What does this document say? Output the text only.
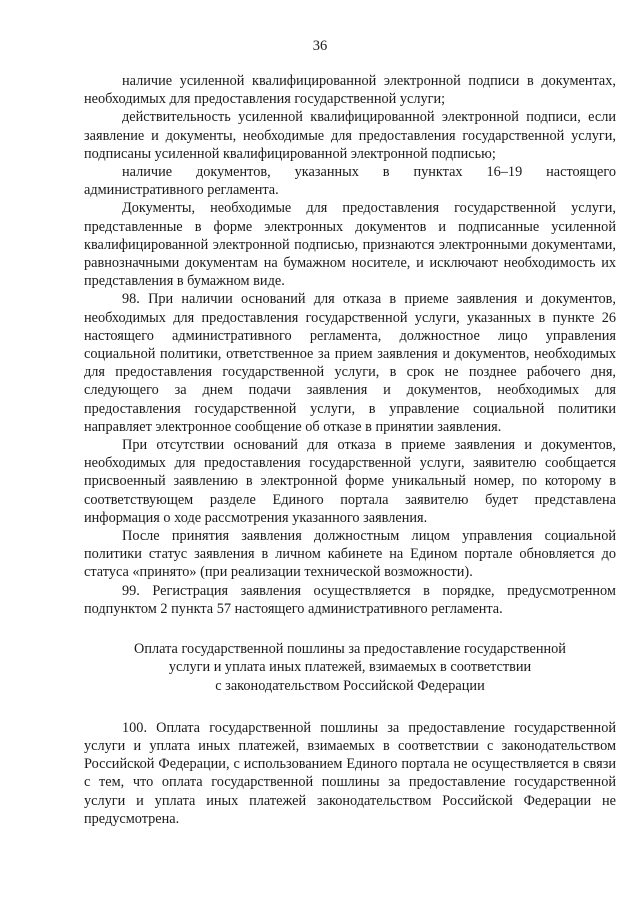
36

наличие усиленной квалифицированной электронной подписи в документах, необходимых для предоставления государственной услуги;

действительность усиленной квалифицированной электронной подписи, если заявление и документы, необходимые для предоставления государственной услуги, подписаны усиленной квалифицированной электронной подписью;

наличие документов, указанных в пунктах 16–19 настоящего административного регламента.

Документы, необходимые для предоставления государственной услуги, представленные в форме электронных документов и подписанные усиленной квалифицированной электронной подписью, признаются электронными документами, равнозначными документам на бумажном носителе, и исключают необходимость их представления в бумажном виде.

98. При наличии оснований для отказа в приеме заявления и документов, необходимых для предоставления государственной услуги, указанных в пункте 26 настоящего административного регламента, должностное лицо управления социальной политики, ответственное за прием заявления и документов, необходимых для предоставления государственной услуги, в срок не позднее рабочего дня, следующего за днем подачи заявления и документов, необходимых для предоставления государственной услуги, в управление социальной политики направляет электронное сообщение об отказе в принятии заявления.

При отсутствии оснований для отказа в приеме заявления и документов, необходимых для предоставления государственной услуги, заявителю сообщается присвоенный заявлению в электронной форме уникальный номер, по которому в соответствующем разделе Единого портала заявителю будет представлена информация о ходе рассмотрения указанного заявления.

После принятия заявления должностным лицом управления социальной политики статус заявления в личном кабинете на Едином портале обновляется до статуса «принято» (при реализации технической возможности).

99. Регистрация заявления осуществляется в порядке, предусмотренном подпунктом 2 пункта 57 настоящего административного регламента.

Оплата государственной пошлины за предоставление государственной
услуги и уплата иных платежей, взимаемых в соответствии
с законодательством Российской Федерации

100. Оплата государственной пошлины за предоставление государственной услуги и уплата иных платежей, взимаемых в соответствии с законодательством Российской Федерации, с использованием Единого портала не осуществляется в связи с тем, что оплата государственной пошлины за предоставление государственной услуги и уплата иных платежей законодательством Российской Федерации не предусмотрена.
